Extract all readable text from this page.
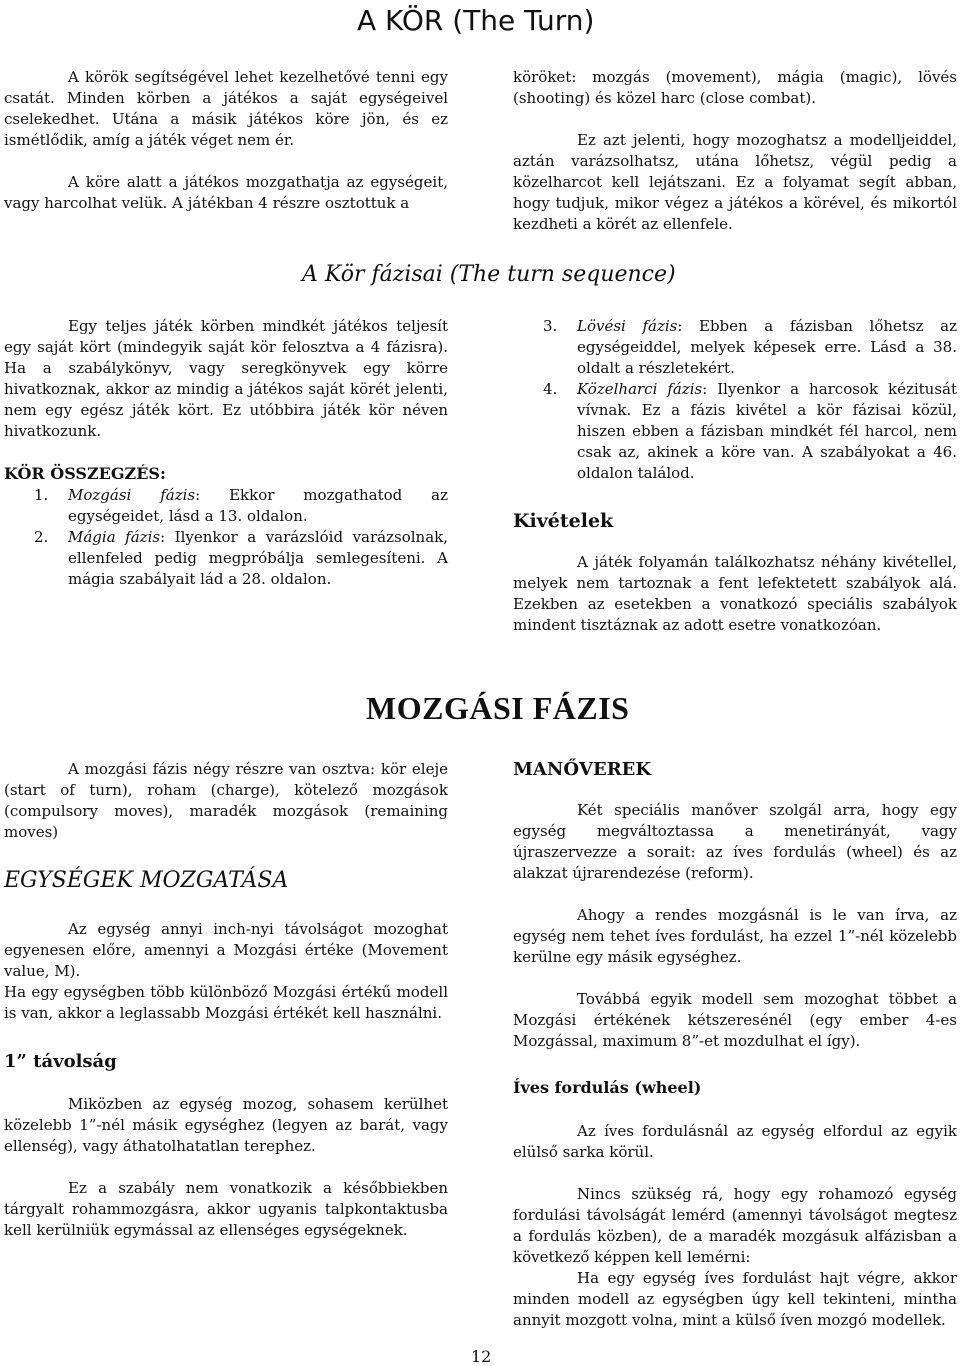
A KÖR (The Turn)

A körök segítségével lehet kezelhetővé tenni egy csatát. Minden körben a játékos a saját egységeivel cselekedhet. Utána a másik játékos köre jön, és ez ismétlődik, amíg a játék véget nem ér.

A köre alatt a játékos mozgathatja az egységeit, vagy harcolhat velük. A játékban 4 részre osztottuk a

köröket: mozgás (movement), mágia (magic), lövés (shooting) és közel harc (close combat).

Ez azt jelenti, hogy mozoghatsz a modelljeiddel, aztán varázsolhatsz, utána lőhetsz, végül pedig a közelharcot kell lejátszani. Ez a folyamat segít abban, hogy tudjuk, mikor végez a játékos a körével, és mikortól kezdheti a körét az ellenfele.

A Kör fázisai (The turn sequence)

Egy teljes játék körben mindkét játékos teljesít egy saját kört (mindegyik saját kör felosztva a 4 fázisra). Ha a szabálykönyv, vagy seregkönyvek egy körre hivatkoznak, akkor az mindig a játékos saját körét jelenti, nem egy egész játék kört. Ez utóbbira játék kör néven hivatkozunk.

KÖR ÖSSZEGZÉS:

1. Mozgási fázis: Ekkor mozgathatod az egységeidet, lásd a 13. oldalon.
2. Mágia fázis: Ilyenkor a varázslóid varázsolnak, ellenfeled pedig megpróbálja semlegesíteni. A mágia szabályait lád a 28. oldalon.
3. Lövési fázis: Ebben a fázisban lőhetsz az egységeiddel, melyek képesek erre. Lásd a 38. oldalt a részletekért.
4. Közelharci fázis: Ilyenkor a harcosok kézitusát vívnak. Ez a fázis kivétel a kör fázisai közül, hiszen ebben a fázisban mindkét fél harcol, nem csak az, akinek a köre van. A szabályokat a 46. oldalon találod.

Kivételek

A játék folyamán találkozhatsz néhány kivétellel, melyek nem tartoznak a fent lefektetett szabályok alá. Ezekben az esetekben a vonatkozó speciális szabályok mindent tisztáznak az adott esetre vonatkozóan.

MOZGÁSI FÁZIS

A mozgási fázis négy részre van osztva: kör eleje (start of turn), roham (charge), kötelező mozgások (compulsory moves), maradék mozgások (remaining moves)

EGYSÉGEK MOZGATÁSA

Az egység annyi inch-nyi távolságot mozoghat egyenesen előre, amennyi a Mozgási értéke (Movement value, M).

Ha egy egységben több különböző Mozgási értékű modell is van, akkor a leglassabb Mozgási értékét kell használni.

1” távolság

Miközben az egység mozog, sohasem kerülhet közelebb 1”-nél másik egységhez (legyen az barát, vagy ellenség), vagy áthatolhatatlan terephez.

Ez a szabály nem vonatkozik a későbbiekben tárgyalt rohammozgásra, akkor ugyanis talpkontaktusba kell kerülniük egymással az ellenséges egységeknek.

MANŐVEREK

Két speciális manőver szolgál arra, hogy egy egység megváltoztassa a menetirányát, vagy újraszervezze a sorait: az íves fordulás (wheel) és az alakzat újrarendezése (reform).

Ahogy a rendes mozgásnál is le van írva, az egység nem tehet íves fordulást, ha ezzel 1”-nél közelebb kerülne egy másik egységhez.

Továbbá egyik modell sem mozoghat többet a Mozgási értékének kétszeresénél (egy ember 4-es Mozgással, maximum 8”-et mozdulhat el így).

Íves fordulás (wheel)

Az íves fordulásnál az egység elfordul az egyik elülső sarka körül.

Nincs szükség rá, hogy egy rohamozó egység fordulási távolságát lemérd (amennyi távolságot megtesz a fordulás közben), de a maradék mozgásuk alfázisban a következő képpen kell lemérni:

Ha egy egység íves fordulást hajt végre, akkor minden modell az egységben úgy kell tekinteni, mintha annyit mozgott volna, mint a külső íven mozgó modellek.

12
